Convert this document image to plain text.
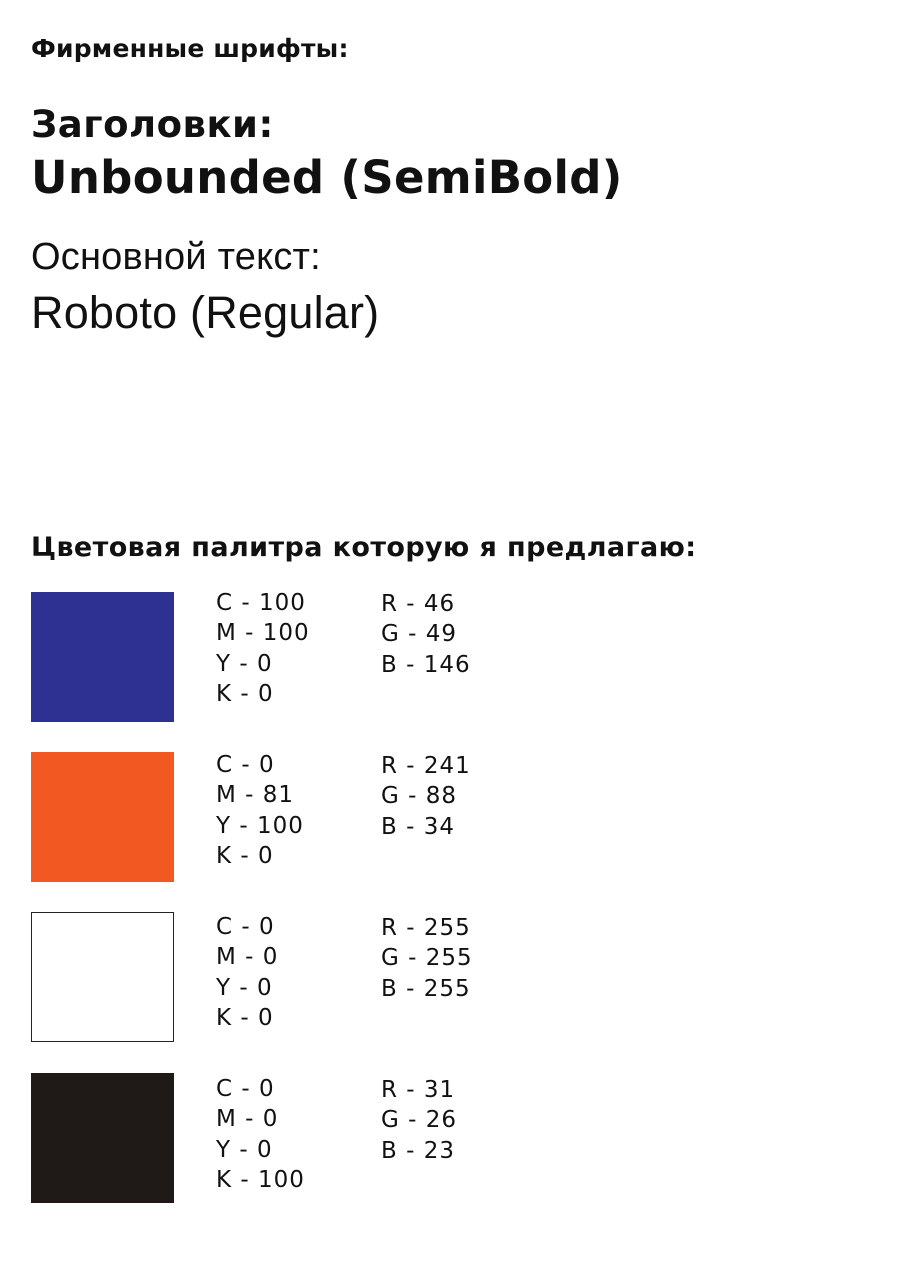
Фирменные шрифты:
Заголовки:
Unbounded (SemiBold)
Основной текст:
Roboto (Regular)
Цветовая палитра которую я предлагаю:
C - 100
M - 100
Y - 0
K - 0
R - 46
G - 49
B - 146
C - 0
M - 81
Y - 100
K - 0
R - 241
G - 88
B - 34
C - 0
M - 0
Y - 0
K - 0
R - 255
G - 255
B - 255
C - 0
M - 0
Y - 0
K - 100
R - 31
G - 26
B - 23
